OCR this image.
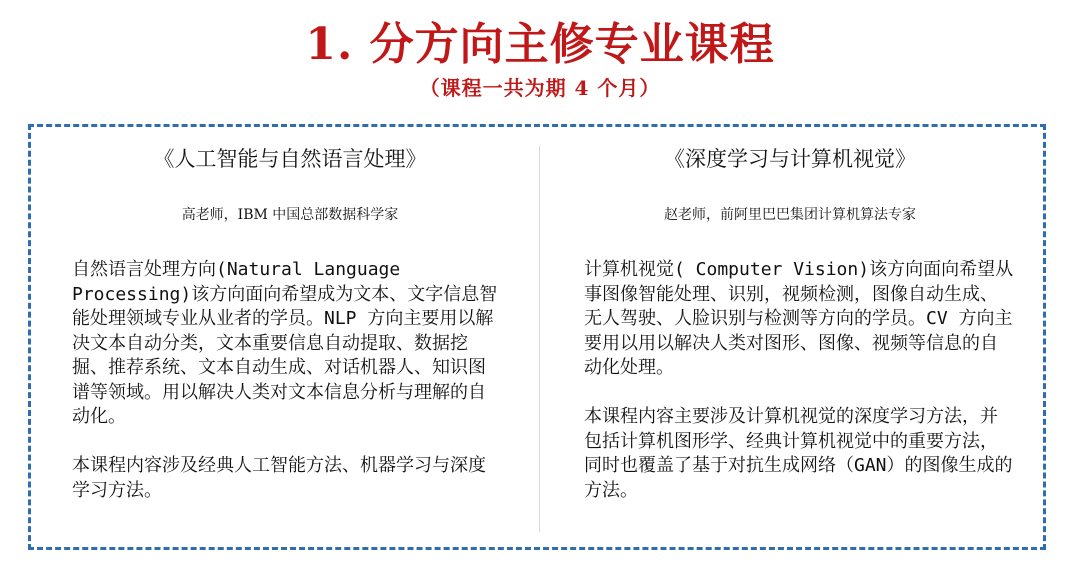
1. 分方向主修专业课程
（课程一共为期 4 个月）
《人工智能与自然语言处理》
高老师，IBM 中国总部数据科学家
自然语言处理方向(Natural Language Processing)该方向面向希望成为文本、文字信息智能处理领域专业从业者的学员。NLP 方向主要用以解决文本自动分类，文本重要信息自动提取、数据挖掘、推荐系统、文本自动生成、对话机器人、知识图谱等领域。用以解决人类对文本信息分析与理解的自动化。
本课程内容涉及经典人工智能方法、机器学习与深度学习方法。
《深度学习与计算机视觉》
赵老师，前阿里巴巴集团计算机算法专家
计算机视觉( Computer Vision)该方向面向希望从事图像智能处理、识别，视频检测，图像自动生成、无人驾驶、人脸识别与检测等方向的学员。CV 方向主要用以用以解决人类对图形、图像、视频等信息的自动化处理。
本课程内容主要涉及计算机视觉的深度学习方法，并包括计算机图形学、经典计算机视觉中的重要方法，同时也覆盖了基于对抗生成网络（GAN）的图像生成的方法。
